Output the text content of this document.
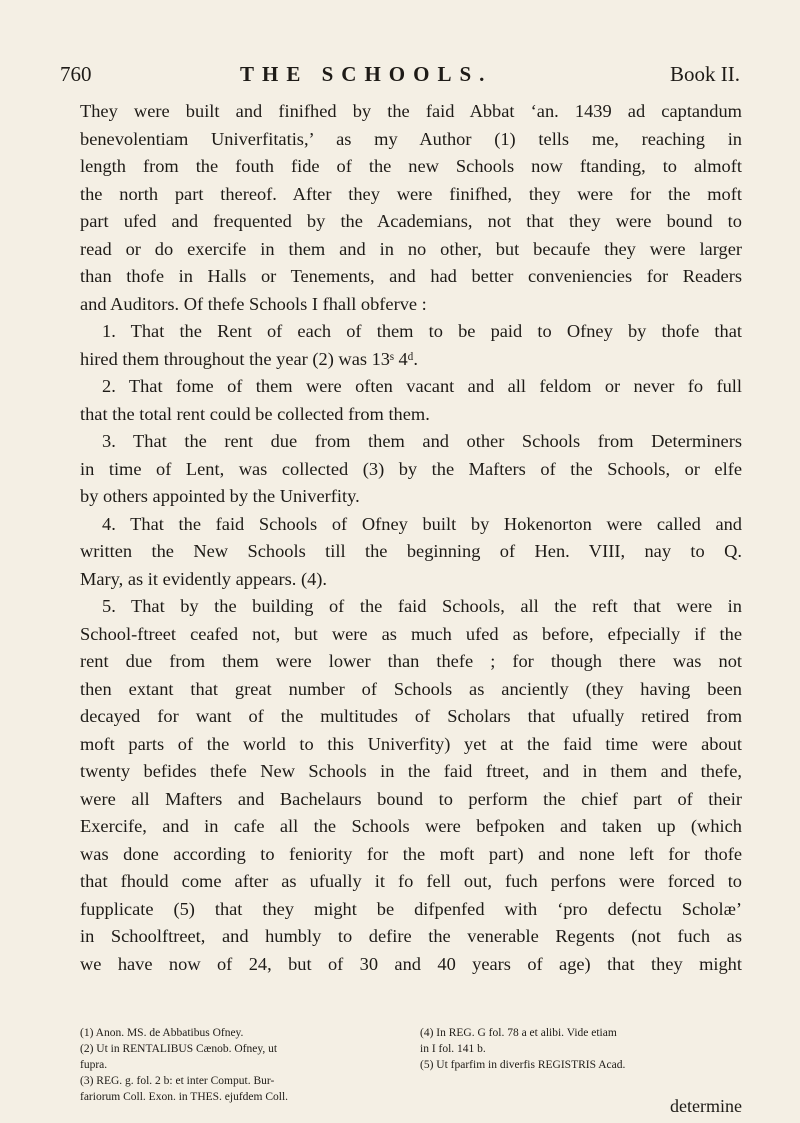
760	THE SCHOOLS.	Book II.

They were built and finifhed by the faid Abbat ‘an. 1439 ad captandum

benevolentiam Univerfitatis,’ as my Author (1) tells me, reaching in

length from the fouth fide of the new Schools now ftanding, to almoft

the north part thereof. After they were finifhed, they were for the moft

part ufed and frequented by the Academians, not that they were bound to

read or do exercife in them and in no other, but becaufe they were larger

than thofe in Halls or Tenements, and had better conveniencies for Readers

and Auditors. Of thefe Schools I fhall obferve :

1. That the Rent of each of them to be paid to Ofney by thofe that

hired them throughout the year (2) was 13ˢ 4ᵈ.

2. That fome of them were often vacant and all feldom or never fo full

that the total rent could be collected from them.

3. That the rent due from them and other Schools from Determiners

in time of Lent, was collected (3) by the Mafters of the Schools, or elfe

by others appointed by the Univerfity.

4. That the faid Schools of Ofney built by Hokenorton were called and

written the New Schools till the beginning of Hen. VIII, nay to Q.

Mary, as it evidently appears. (4).

5. That by the building of the faid Schools, all the reft that were in

School-ftreet ceafed not, but were as much ufed as before, efpecially if the

rent due from them were lower than thefe ; for though there was not

then extant that great number of Schools as anciently (they having been

decayed for want of the multitudes of Scholars that ufually retired from

moft parts of the world to this Univerfity) yet at the faid time were about

twenty befides thefe New Schools in the faid ftreet, and in them and thefe,

were all Mafters and Bachelaurs bound to perform the chief part of their

Exercife, and in cafe all the Schools were befpoken and taken up (which

was done according to feniority for the moft part) and none left for thofe

that fhould come after as ufually it fo fell out, fuch perfons were forced to

fupplicate (5) that they might be difpenfed with ‘pro defectu Scholæ’

in Schoolftreet, and humbly to defire the venerable Regents (not fuch as

we have now of 24, but of 30 and 40 years of age) that they might

(1) Anon. MS. de Abbatibus Ofney.

(2) Ut in RENTALIBUS Cænob. Ofney, ut

fupra.

(3) REG. g. fol. 2 b: et inter Comput. Bur-

fariorum Coll. Exon. in THES. ejufdem Coll.

(4) In REG. G fol. 78 a et alibi. Vide etiam

in I fol. 141 b.

(5) Ut fparfim in diverfis REGISTRIS Acad.

determine
